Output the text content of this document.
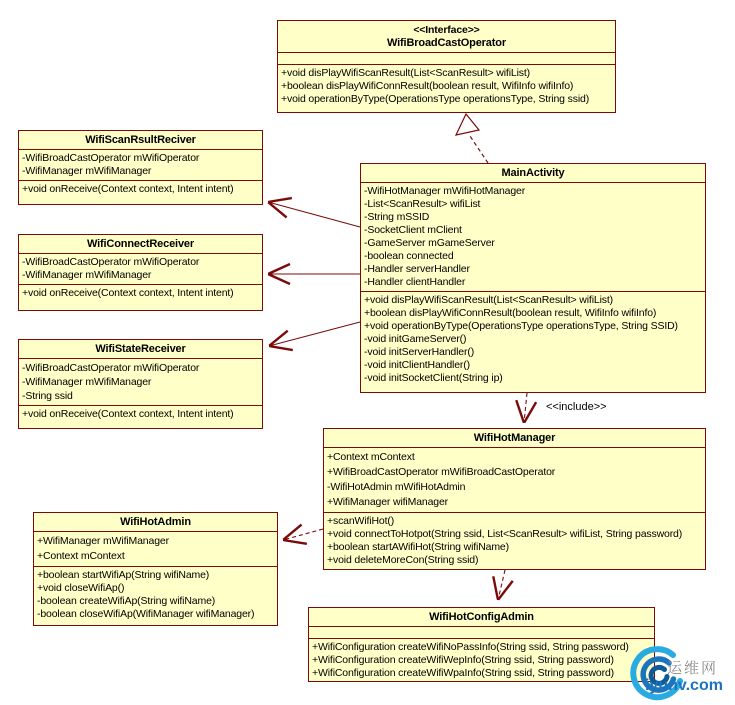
<<Interface>>
WifiBroadCastOperator
+void disPlayWifiScanResult(List<ScanResult> wifiList)
+boolean disPlayWifiConnResult(boolean result, WifiInfo wifiInfo)
+void operationByType(OperationsType operationsType, String ssid)
WifiScanRsultReciver
-WifiBroadCastOperator mWifiOperator
-WifiManager mWifiManager
+void onReceive(Context context, Intent intent)
WifiConnectReceiver
-WifiBroadCastOperator mWifiOperator
-WifiManager mWifiManager
+void onReceive(Context context, Intent intent)
WifiStateReceiver
-WifiBroadCastOperator mWifiOperator
-WifiManager mWifiManager
-String ssid
+void onReceive(Context context, Intent intent)
MainActivity
-WifiHotManager mWifiHotManager
-List<ScanResult> wifiList
-String mSSID
-SocketClient mClient
-GameServer mGameServer
-boolean connected
-Handler serverHandler
-Handler clientHandler
+void disPlayWifiScanResult(List<ScanResult> wifiList)
+boolean disPlayWifiConnResult(boolean result, WifiInfo wifiInfo)
+void operationByType(OperationsType operationsType, String SSID)
-void initGameServer()
-void initServerHandler()
-void initClientHandler()
-void initSocketClient(String ip)
WifiHotManager
+Context mContext
+WifiBroadCastOperator mWifiBroadCastOperator
-WifiHotAdmin mWifiHotAdmin
+WifiManager wifiManager
+scanWifiHot()
+void connectToHotpot(String ssid, List<ScanResult> wifiList, String password)
+boolean startAWifiHot(String wifiName)
+void deleteMoreCon(String ssid)
WifiHotAdmin
+WifiManager mWifiManager
+Context mContext
+boolean startWifiAp(String wifiName)
+void closeWifiAp()
-boolean createWifiAp(String wifiName)
-boolean closeWifiAp(WifiManager wifiManager)	WifiHotConfigAdmin
+WifiConfiguration createWifiNoPassInfo(String ssid, String password)
+WifiConfiguration createWifiWepInfo(String ssid, String password)
+WifiConfiguration createWifiWpaInfo(String ssid, String password)
<<include>>
运维网
iyunv.com
